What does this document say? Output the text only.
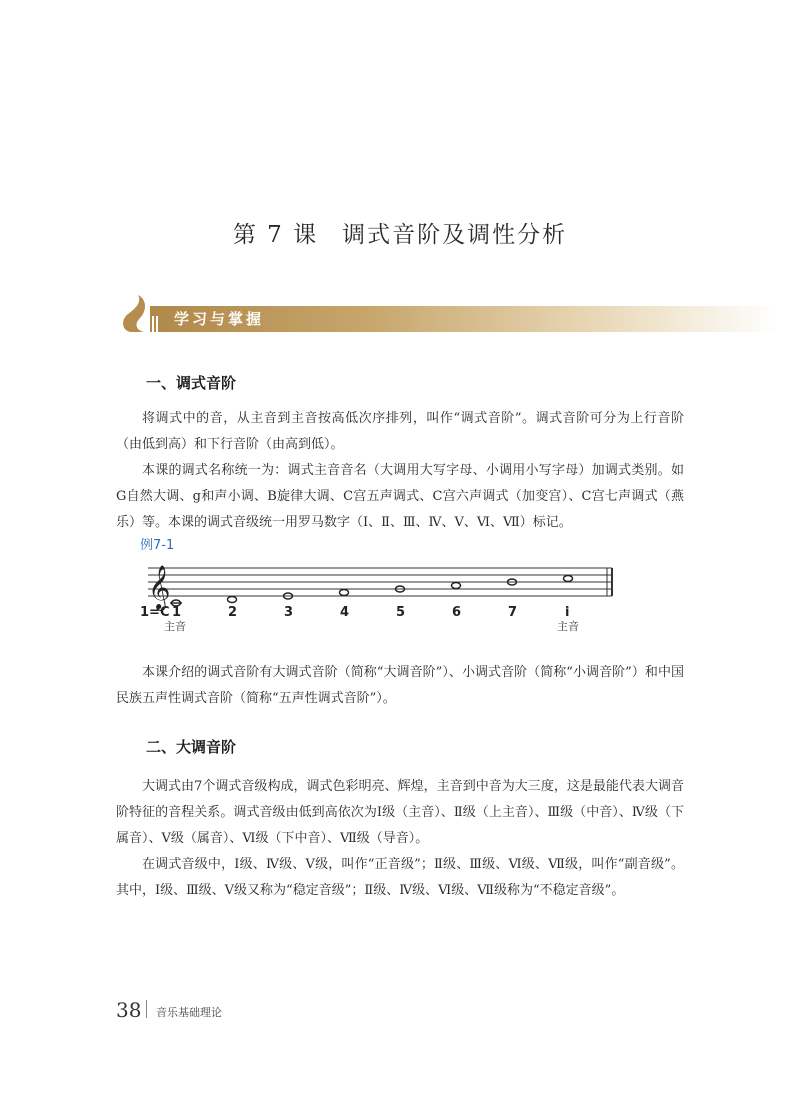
第 7 课 调式音阶及调性分析
学习与掌握
一、调式音阶

将调式中的音，从主音到主音按高低次序排列，叫作“调式音阶”。调式音阶可分为上行音阶（由低到高）和下行音阶（由高到低）。

本课的调式名称统一为：调式主音音名（大调用大写字母、小调用小写字母）加调式类别。如G自然大调、g和声小调、B旋律大调、C宫五声调式、C宫六声调式（加变宫）、C宫七声调式（燕乐）等。本课的调式音级统一用罗马数字（Ⅰ、Ⅱ、Ⅲ、Ⅳ、Ⅴ、Ⅵ、Ⅶ）标记。

例7-1
𝄞
1=C 1	2	3	4	5	6	7	i
主音	主音

本课介绍的调式音阶有大调式音阶（简称“大调音阶”）、小调式音阶（简称“小调音阶”）和中国民族五声性调式音阶（简称“五声性调式音阶”）。

二、大调音阶

大调式由7个调式音级构成，调式色彩明亮、辉煌，主音到中音为大三度，这是最能代表大调音阶特征的音程关系。调式音级由低到高依次为Ⅰ级（主音）、Ⅱ级（上主音）、Ⅲ级（中音）、Ⅳ级（下属音）、Ⅴ级（属音）、Ⅵ级（下中音）、Ⅶ级（导音）。

在调式音级中，Ⅰ级、Ⅳ级、Ⅴ级，叫作“正音级”；Ⅱ级、Ⅲ级、Ⅵ级、Ⅶ级，叫作“副音级”。其中，Ⅰ级、Ⅲ级、Ⅴ级又称为“稳定音级”；Ⅱ级、Ⅳ级、Ⅵ级、Ⅶ级称为“不稳定音级”。

38 音乐基础理论
